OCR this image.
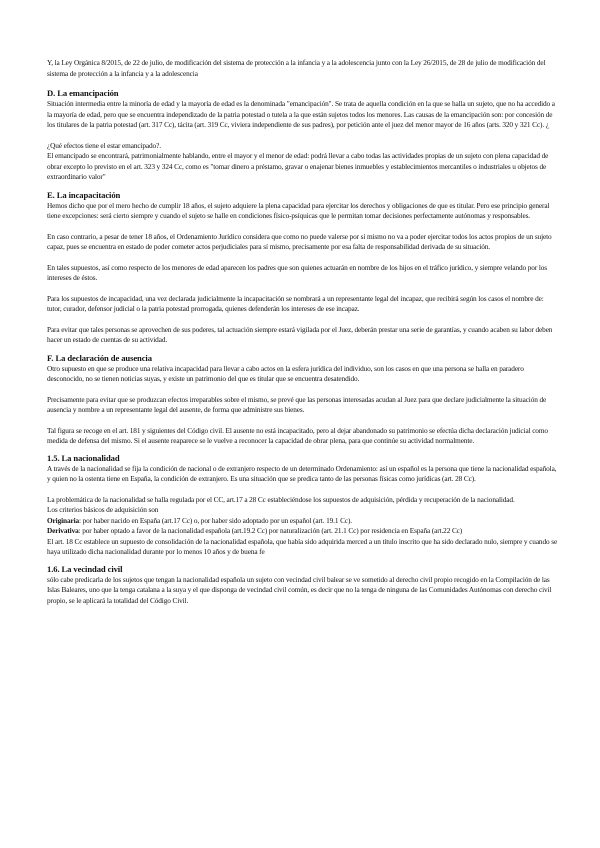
Y, la Ley Orgánica 8/2015, de 22 de julio, de modificación del sistema de protección a la infancia y a la adolescencia junto con la Ley 26/2015, de 28 de julio de modificación del sistema de protección a la infancia y a la adolescencia

D. La emancipación

Situación intermedia entre la minoría de edad y la mayoría de edad es la denominada "emancipación". Se trata de aquella condición en la que se halla un sujeto, que no ha accedido a la mayoría de edad, pero que se encuentra independizado de la patria potestad o tutela a la que están sujetos todos los menores. Las causas de la emancipación son: por concesión de los titulares de la patria potestad (art. 317 Cc), tácita (art. 319 Cc, viviera independiente de sus padres), por petición ante el juez del menor mayor de 16 años (arts. 320 y 321 Cc). ¿

¿Qué efectos tiene el estar emancipado?.

El emancipado se encontrará, patrimonialmente hablando, entre el mayor y el menor de edad: podrá llevar a cabo todas las actividades propias de un sujeto con plena capacidad de obrar excepto lo previsto en el art. 323 y 324 Cc, como es "tomar dinero a préstamo, gravar o enajenar bienes inmuebles y establecimientos mercantiles o industriales u objetos de extraordinario valor"

E. La incapacitación

Hemos dicho que por el mero hecho de cumplir 18 años, el sujeto adquiere la plena capacidad para ejercitar los derechos y obligaciones de que es titular. Pero ese principio general tiene excepciones: será cierto siempre y cuando el sujeto se halle en condiciones físico-psíquicas que le permitan tomar decisiones perfectamente autónomas y responsables.

En caso contrario, a pesar de tener 18 años, el Ordenamiento Jurídico considera que como no puede valerse por sí mismo no va a poder ejercitar todos los actos propios de un sujeto capaz, pues se encuentra en estado de poder cometer actos perjudiciales para sí mismo, precisamente por esa falta de responsabilidad derivada de su situación.

En tales supuestos, así como respecto de los menores de edad aparecen los padres que son quienes actuarán en nombre de los hijos en el tráfico jurídico, y siempre velando por los intereses de éstos.

Para los supuestos de incapacidad, una vez declarada judicialmente la incapacitación se nombrará a un representante legal del incapaz, que recibirá según los casos el nombre de: tutor, curador, defensor judicial o la patria potestad prorrogada, quienes defenderán los intereses de ese incapaz.

Para evitar que tales personas se aprovechen de sus poderes, tal actuación siempre estará vigilada por el Juez, deberán prestar una serie de garantías, y cuando acaben su labor deben hacer un estado de cuentas de su actividad.

F. La declaración de ausencia

Otro supuesto en que se produce una relativa incapacidad para llevar a cabo actos en la esfera jurídica del individuo, son los casos en que una persona se halla en paradero desconocido, no se tienen noticias suyas, y existe un patrimonio del que es titular que se encuentra desatendido.

Precisamente para evitar que se produzcan efectos irreparables sobre el mismo, se prevé que las personas interesadas acudan al Juez para que declare judicialmente la situación de ausencia y nombre a un representante legal del ausente, de forma que administre sus bienes.

Tal figura se recoge en el art. 181 y siguientes del Código civil. El ausente no está incapacitado, pero al dejar abandonado su patrimonio se efectúa dicha declaración judicial como medida de defensa del mismo. Si el ausente reaparece se le vuelve a reconocer la capacidad de obrar plena, para que continúe su actividad normalmente.

1.5. La nacionalidad

A través de la nacionalidad se fija la condición de nacional o de extranjero respecto de un determinado Ordenamiento: así un español es la persona que tiene la nacionalidad española, y quien no la ostenta tiene en España, la condición de extranjero. Es una situación que se predica tanto de las personas físicas como jurídicas (art. 28 Cc).

La problemática de la nacionalidad se halla regulada por el CC, art.17 a 28 Cc estableciéndose los supuestos de adquisición, pérdida y recuperación de la nacionalidad.

Los criterios básicos de adquisición son

Originaria: por haber nacido en España (art.17 Cc) o, por haber sido adoptado por un español (art. 19.1 Cc).

Derivativa: por haber optado a favor de la nacionalidad española (art.19.2 Cc) por naturalización (art. 21.1 Cc) por residencia en España (art.22 Cc)

El art. 18 Cc establece un supuesto de consolidación de la nacionalidad española, que había sido adquirida merced a un título inscrito que ha sido declarado nulo, siempre y cuando se haya utilizado dicha nacionalidad durante por lo menos 10 años y de buena fe

1.6. La vecindad civil

sólo cabe predicarla de los sujetos que tengan la nacionalidad española un sujeto con vecindad civil balear se ve sometido al derecho civil propio recogido en la Compilación de las Islas Baleares, uno que la tenga catalana a la suya y el que disponga de vecindad civil común, es decir que no la tenga de ninguna de las Comunidades Autónomas con derecho civil propio, se le aplicará la totalidad del Código Civil.
